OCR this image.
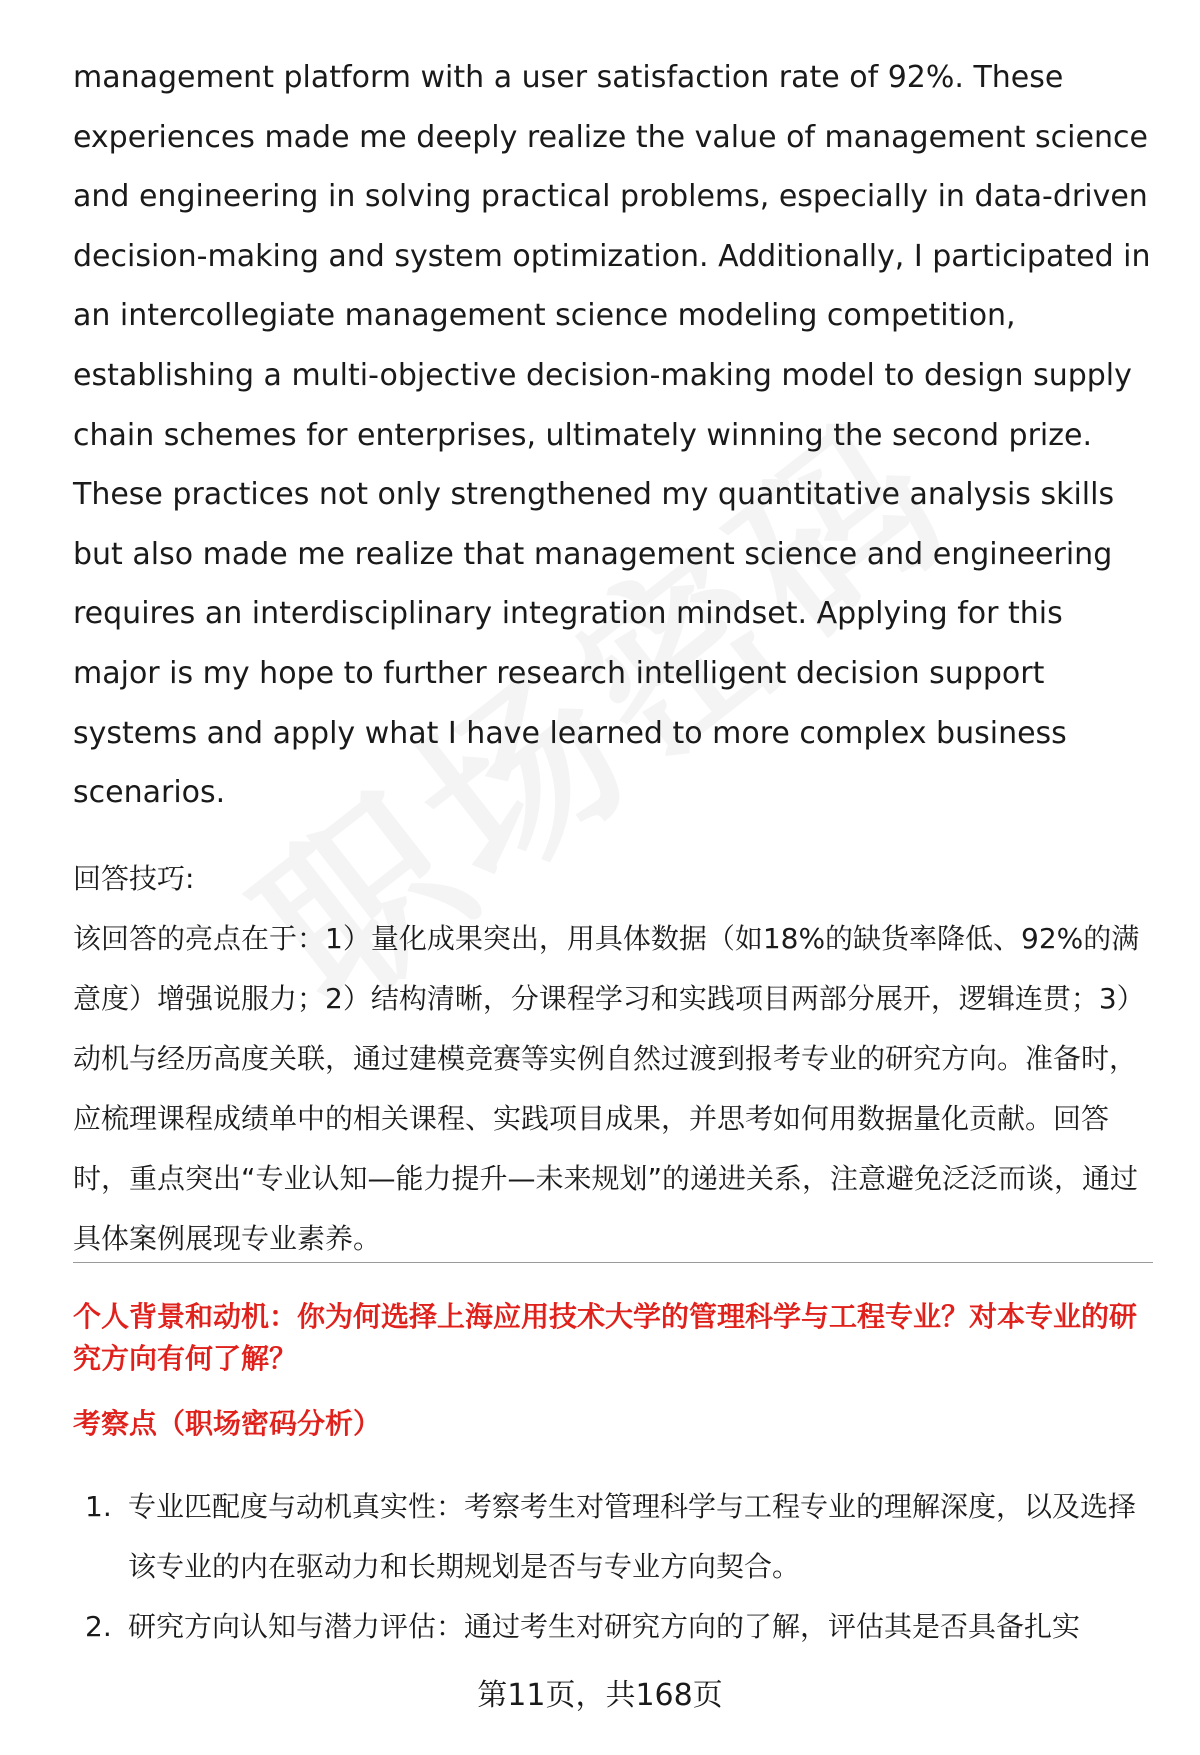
management platform with a user satisfaction rate of 92%. These experiences made me deeply realize the value of management science and engineering in solving practical problems, especially in data-driven decision-making and system optimization. Additionally, I participated in an intercollegiate management science modeling competition, establishing a multi-objective decision-making model to design supply chain schemes for enterprises, ultimately winning the second prize. These practices not only strengthened my quantitative analysis skills but also made me realize that management science and engineering requires an interdisciplinary integration mindset. Applying for this major is my hope to further research intelligent decision support systems and apply what I have learned to more complex business scenarios.

回答技巧:

该回答的亮点在于：1）量化成果突出，用具体数据（如18%的缺货率降低、92%的满意度）增强说服力；2）结构清晰，分课程学习和实践项目两部分展开，逻辑连贯；3）动机与经历高度关联，通过建模竞赛等实例自然过渡到报考专业的研究方向。准备时，应梳理课程成绩单中的相关课程、实践项目成果，并思考如何用数据量化贡献。回答时，重点突出“专业认知—能力提升—未来规划”的递进关系，注意避免泛泛而谈，通过具体案例展现专业素养。

个人背景和动机：你为何选择上海应用技术大学的管理科学与工程专业？对本专业的研究方向有何了解？
考察点（职场密码分析）
1. 专业匹配度与动机真实性：考察考生对管理科学与工程专业的理解深度，以及选择该专业的内在驱动力和长期规划是否与专业方向契合。
2. 研究方向认知与潜力评估：通过考生对研究方向的了解，评估其是否具备扎实
第11页，共168页
